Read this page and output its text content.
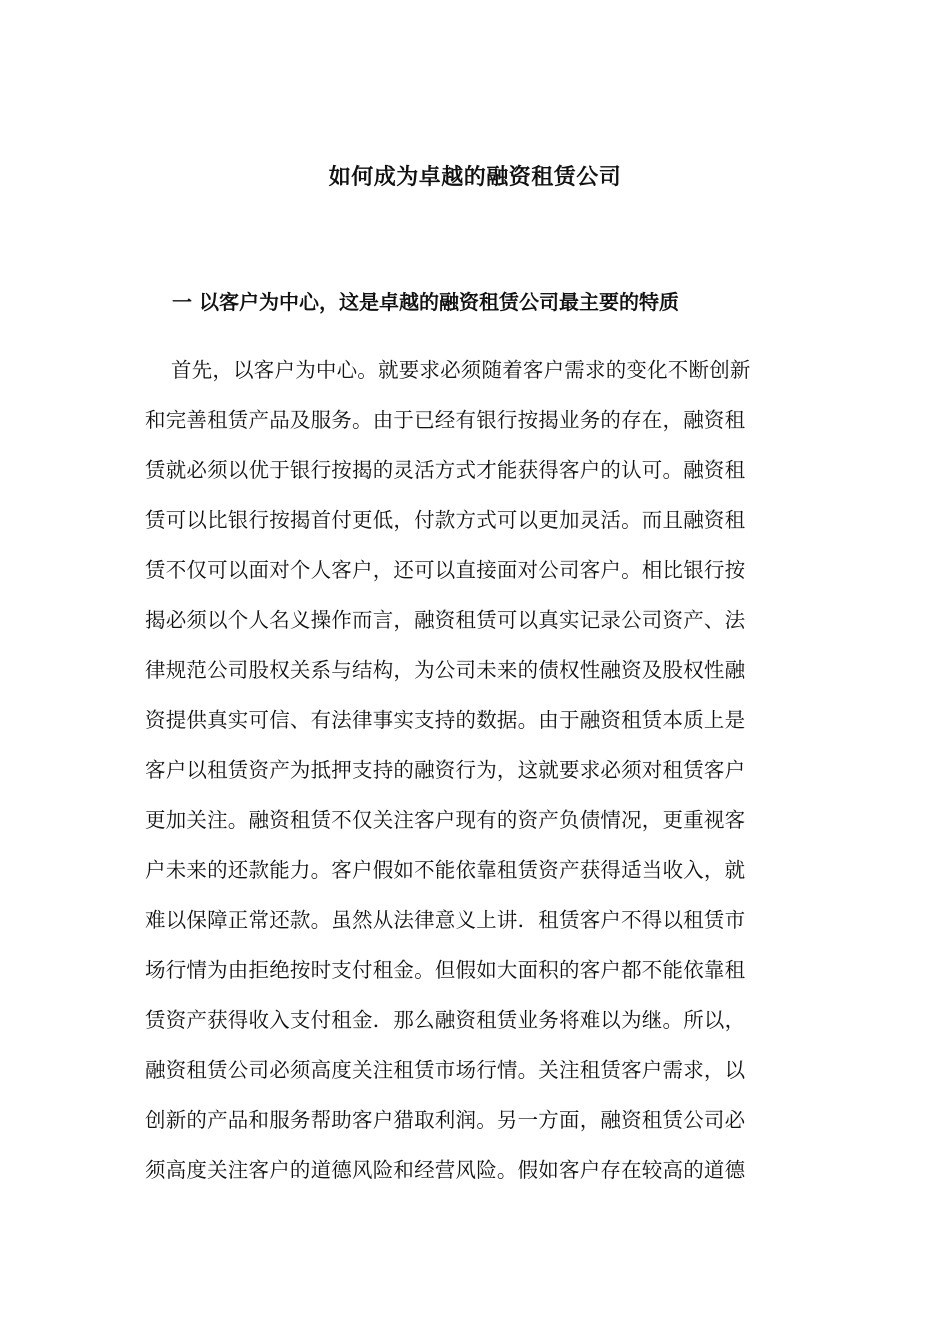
如何成为卓越的融资租赁公司
一 以客户为中心，这是卓越的融资租赁公司最主要的特质
首先，以客户为中心。就要求必须随着客户需求的变化不断创新
和完善租赁产品及服务。由于已经有银行按揭业务的存在，融资租
赁就必须以优于银行按揭的灵活方式才能获得客户的认可。融资租
赁可以比银行按揭首付更低，付款方式可以更加灵活。而且融资租
赁不仅可以面对个人客户，还可以直接面对公司客户。相比银行按
揭必须以个人名义操作而言，融资租赁可以真实记录公司资产、法
律规范公司股权关系与结构，为公司未来的债权性融资及股权性融
资提供真实可信、有法律事实支持的数据。由于融资租赁本质上是
客户以租赁资产为抵押支持的融资行为，这就要求必须对租赁客户
更加关注。融资租赁不仅关注客户现有的资产负债情况，更重视客
户未来的还款能力。客户假如不能依靠租赁资产获得适当收入，就
难以保障正常还款。虽然从法律意义上讲．租赁客户不得以租赁市
场行情为由拒绝按时支付租金。但假如大面积的客户都不能依靠租
赁资产获得收入支付租金．那么融资租赁业务将难以为继。所以，
融资租赁公司必须高度关注租赁市场行情。关注租赁客户需求，以
创新的产品和服务帮助客户猎取利润。另一方面，融资租赁公司必
须高度关注客户的道德风险和经营风险。假如客户存在较高的道德
